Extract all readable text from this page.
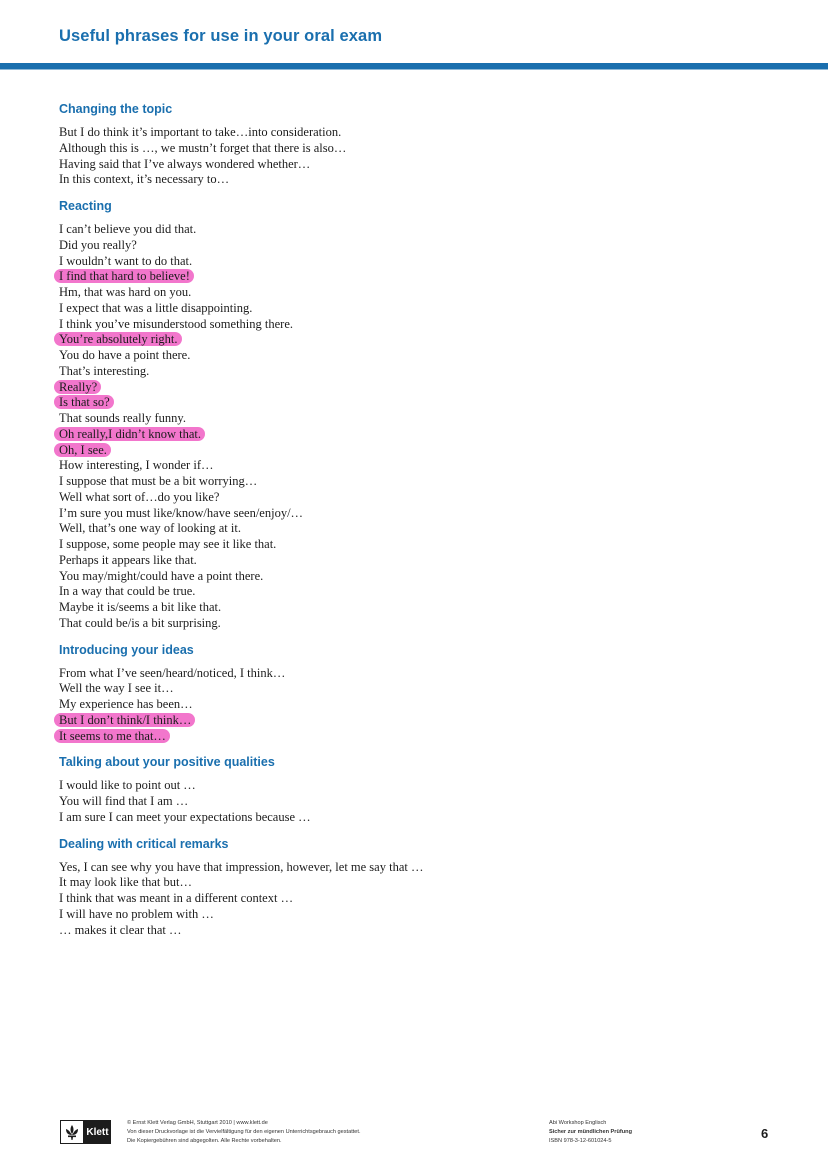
Useful phrases for use in your oral exam
Changing the topic
But I do think it’s important to take…into consideration.
Although this is …, we mustn’t forget that there is also…
Having said that I’ve always wondered whether…
In this context, it’s necessary to…
Reacting
I can’t believe you did that.
Did you really?
I wouldn’t want to do that.
I find that hard to believe!
Hm, that was hard on you.
I expect that was a little disappointing.
I think you’ve misunderstood something there.
You’re absolutely right.
You do have a point there.
That’s interesting.
Really?
Is that so?
That sounds really funny.
Oh really,I didn’t know that.
Oh, I see.
How interesting, I wonder if…
I suppose that must be a bit worrying…
Well what sort of…do you like?
I’m sure you must like/know/have seen/enjoy/…
Well, that’s one way of looking at it.
I suppose, some people may see it like that.
Perhaps it appears like that.
You may/might/could have a point there.
In a way that could be true.
Maybe it is/seems a bit like that.
That could be/is a bit surprising.
Introducing your ideas
From what I’ve seen/heard/noticed, I think…
Well the way I see it…
My experience has been…
But I don’t think/I think…
It seems to me that…
Talking about your positive qualities
I would like to point out …
You will find that I am …
I am sure I can meet your expectations because …
Dealing with critical remarks
Yes, I can see why you have that impression, however, let me say that …
It may look like that but…
I think that was meant in a different context …
I will have no problem with …
… makes it clear that …
Klett
© Ernst Klett Verlag GmbH, Stuttgart 2010 | www.klett.de
Von dieser Druckvorlage ist die Vervielfältigung für den eigenen Unterrichtsgebrauch gestattet.
Die Kopiergebühren sind abgegolten. Alle Rechte vorbehalten.
Abi Workshop Englisch
Sicher zur mündlichen Prüfung
ISBN 978-3-12-601024-5	6
